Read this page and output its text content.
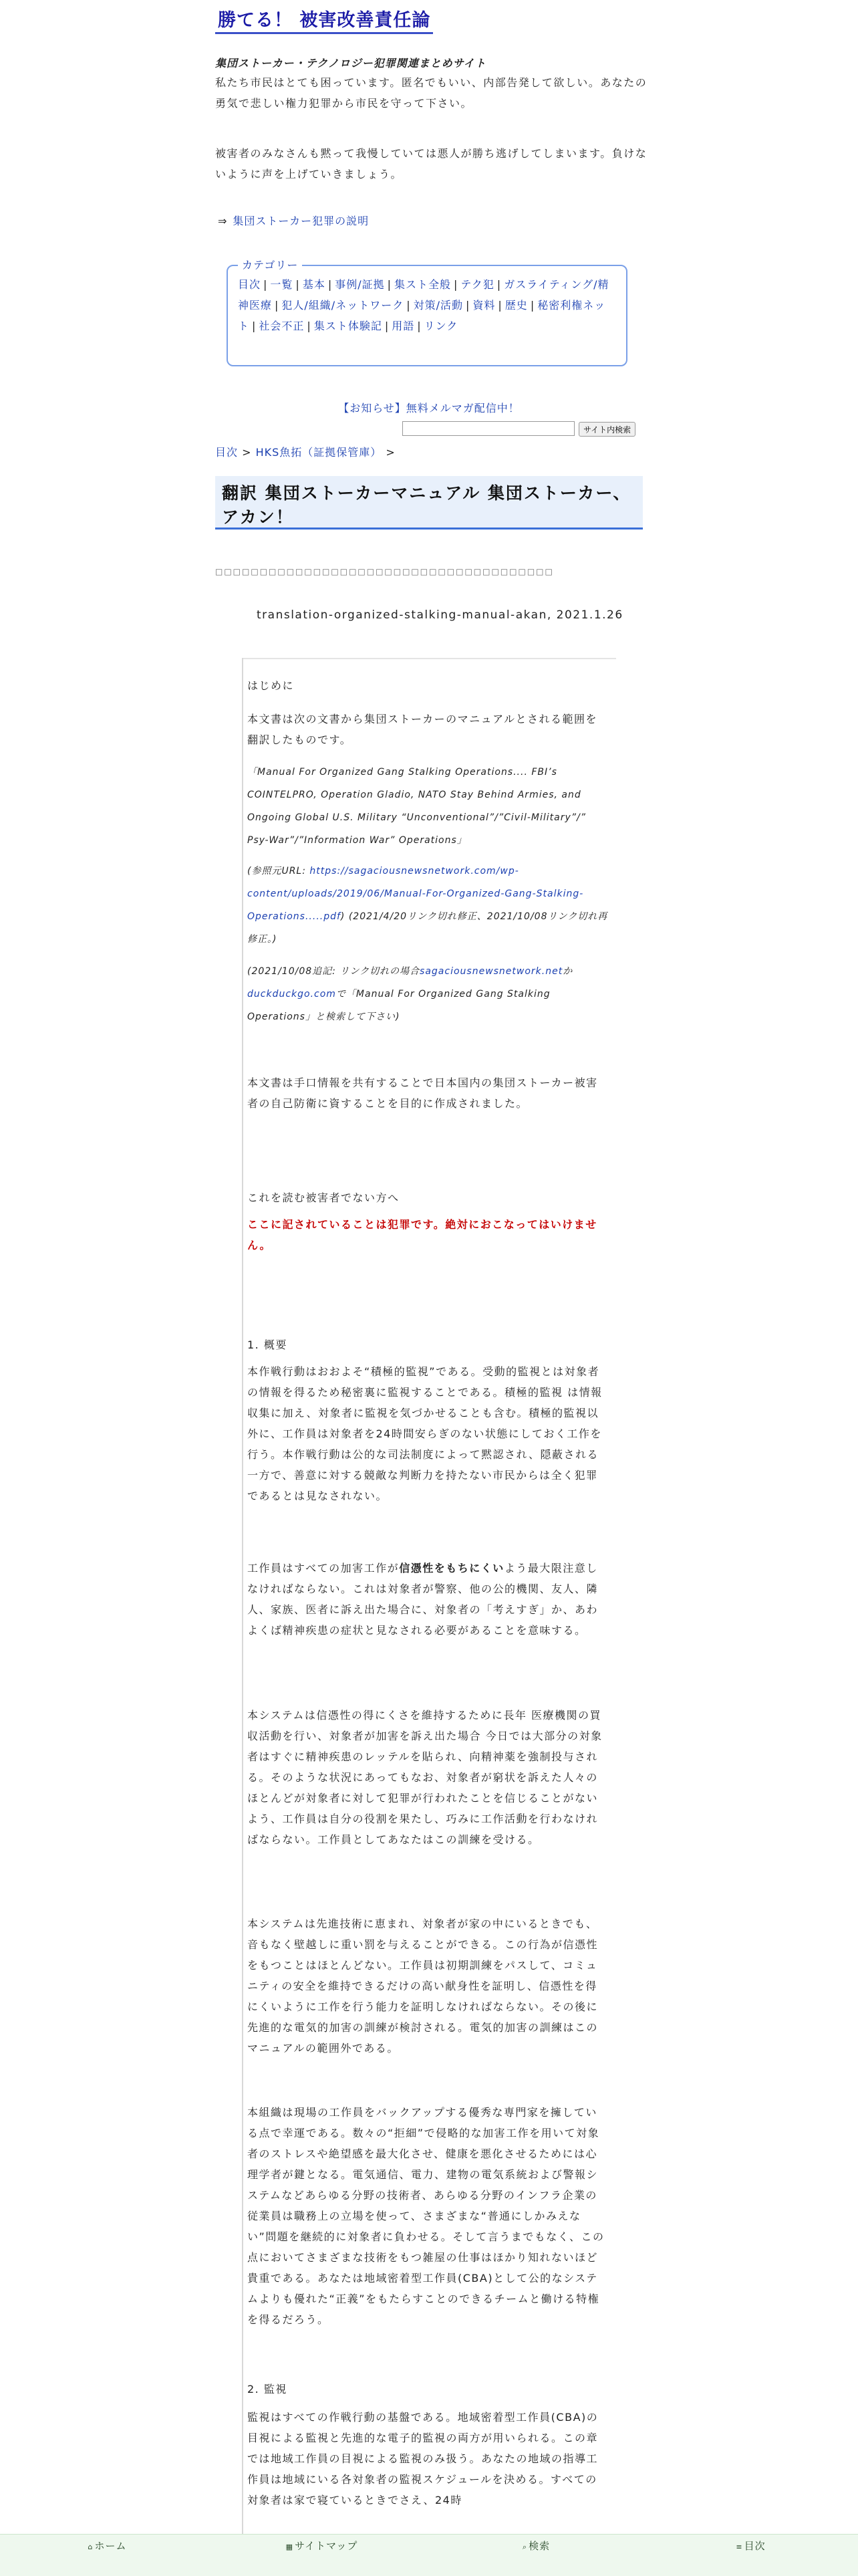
勝てる！ 被害改善責任論
集団ストーカー・テクノロジー犯罪関連まとめサイト
私たち市民はとても困っています。匿名でもいい、内部告発して欲しい。あなたの勇気で悲しい権力犯罪から市民を守って下さい。
被害者のみなさんも黙って我慢していては悪人が勝ち逃げしてしまいます。負けないように声を上げていきましょう。
⇒ 集団ストーカー犯罪の説明
カテゴリー
目次 | 一覧 | 基本 | 事例/証拠 | 集スト全般 | テク犯 | ガスライティング/精神医療 | 犯人/組織/ネットワーク | 対策/活動 | 資料 | 歴史 | 秘密利権ネット | 社会不正 | 集スト体験記 | 用語 | リンク
【お知らせ】無料メルマガ配信中！
サイト内検索
目次 > HKS魚拓（証拠保管庫） >
翻訳 集団ストーカーマニュアル 集団ストーカー、アカン！
□□□□□□□□□□□□□□□□□□□□□□□□□□□□□□□□□□□□□□
translation-organized-stalking-manual-akan, 2021.1.26
はじめに
本文書は次の文書から集団ストーカーのマニュアルとされる範囲を翻訳したものです。
「Manual For Organized Gang Stalking Operations.... FBI’s COINTELPRO, Operation Gladio, NATO Stay Behind Armies, and Ongoing Global U.S. Military “Unconventional”/”Civil-Military”/” Psy-War”/”Information War” Operations」
(参照元URL: https://sagaciousnewsnetwork.com/wp-content/uploads/2019/06/Manual-For-Organized-Gang-Stalking-Operations.....pdf) (2021/4/20リンク切れ修正、2021/10/08リンク切れ再修正。)
(2021/10/08追記: リンク切れの場合sagaciousnewsnetwork.netかduckduckgo.comで「Manual For Organized Gang Stalking Operations」と検索して下さい)
本文書は手口情報を共有することで日本国内の集団ストーカー被害者の自己防衛に資することを目的に作成されました。
これを読む被害者でない方へ
ここに記されていることは犯罪です。絶対におこなってはいけません。
1. 概要
本作戦行動はおおよそ“積極的監視”である。受動的監視とは対象者の情報を得るため秘密裏に監視することである。積極的監視 は情報収集に加え、対象者に監視を気づかせることも含む。積極的監視以外に、工作員は対象者を24時間安らぎのない状態にしておく工作を行う。本作戦行動は公的な司法制度によって黙認され、隠蔽される一方で、善意に対する競敵な判断力を持たない市民からは全く犯罪であるとは見なされない。
工作員はすべての加害工作が信憑性をもちにくいよう最大限注意しなければならない。これは対象者が警察、他の公的機関、友人、隣人、家族、医者に訴え出た場合に、対象者の「考えすぎ」か、あわよくば精神疾患の症状と見なされる必要があることを意味する。
本システムは信憑性の得にくさを維持するために長年 医療機関の買収活動を行い、対象者が加害を訴え出た場合 今日では大部分の対象者はすぐに精神疾患のレッテルを貼られ、向精神薬を強制投与される。そのような状況にあってもなお、対象者が窮状を訴えた人々のほとんどが対象者に対して犯罪が行われたことを信じることがないよう、工作員は自分の役割を果たし、巧みに工作活動を行わなければならない。工作員としてあなたはこの訓練を受ける。
本システムは先進技術に恵まれ、対象者が家の中にいるときでも、音もなく壁越しに重い罰を与えることができる。この行為が信憑性をもつことはほとんどない。工作員は初期訓練をパスして、コミュニティの安全を維持できるだけの高い献身性を証明し、信憑性を得にくいように工作を行う能力を証明しなければならない。その後に先進的な電気的加害の訓練が検討される。電気的加害の訓練はこのマニュアルの範囲外である。
本組織は現場の工作員をバックアップする優秀な専門家を擁している点で幸運である。数々の“拒細”で侵略的な加害工作を用いて対象者のストレスや絶望感を最大化させ、健康を悪化させるためには心理学者が鍵となる。電気通信、電力、建物の電気系統および警報システムなどあらゆる分野の技術者、あらゆる分野のインフラ企業の従業員は職務上の立場を使って、さまざまな“普通にしかみえない”問題を継続的に対象者に負わせる。そして言うまでもなく、この点においてさまざまな技術をもつ雑屋の仕事はほかり知れないほど貴重である。あなたは地域密着型工作員(CBA)として公的なシステムよりも優れた“正義”をもたらすことのできるチームと働ける特権を得るだろう。
2. 監視
監視はすべての作戦行動の基盤である。地域密着型工作員(CBA)の目視による監視と先進的な電子的監視の両方が用いられる。この章では地域工作員の目視による監視のみ扱う。あなたの地域の指導工作員は地域にいる各対象者の監視スケジュールを決める。すべての対象者は家で寝ているときでさえ、24時
⌂ ホーム	▦ サイトマップ	⌕ 検索	≡ 目次
